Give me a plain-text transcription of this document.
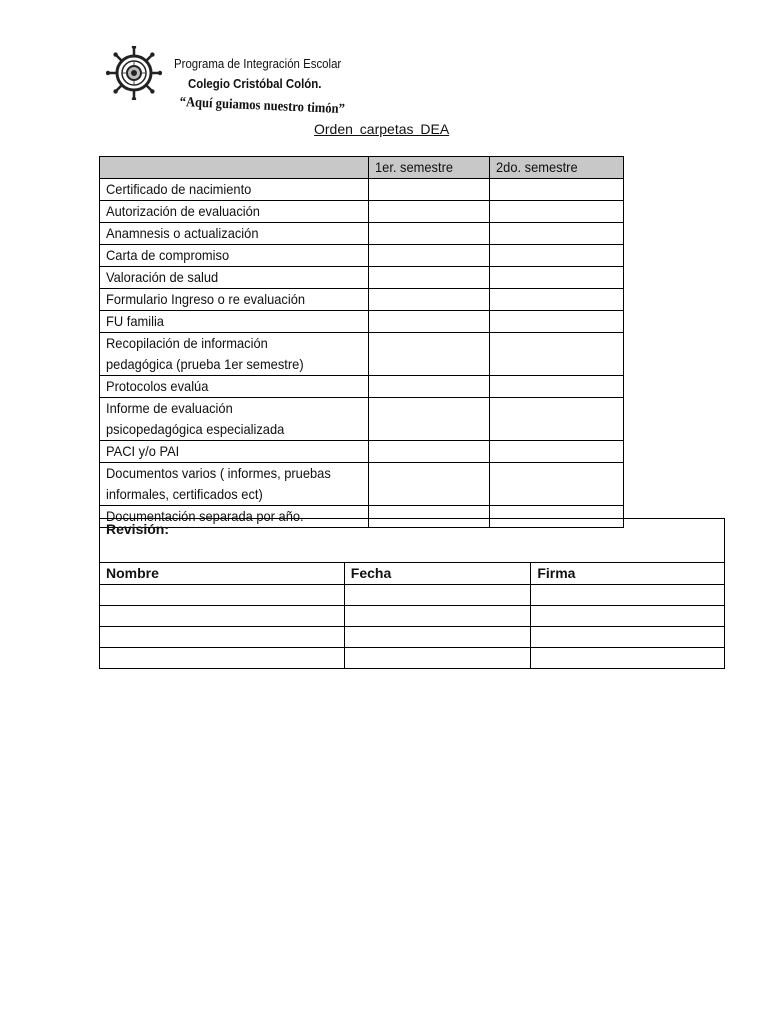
Programa de Integración Escolar
Colegio Cristóbal Colón.
“Aquí guiamos nuestro timón”
Orden carpetas DEA
	1er. semestre	2do. semestre
Certificado de nacimiento		
Autorización de evaluación		
Anamnesis o actualización		
Carta de compromiso		
Valoración de salud		
Formulario Ingreso o re evaluación		
FU familia		
Recopilación de información
pedagógica (prueba 1er semestre)		
Protocolos evalúa		
Informe de evaluación
psicopedagógica especializada		
PACI y/o PAI		
Documentos varios ( informes, pruebas
informales, certificados ect)		
Documentación separada por año.		
Revisión:		
Nombre	Fecha	Firma
